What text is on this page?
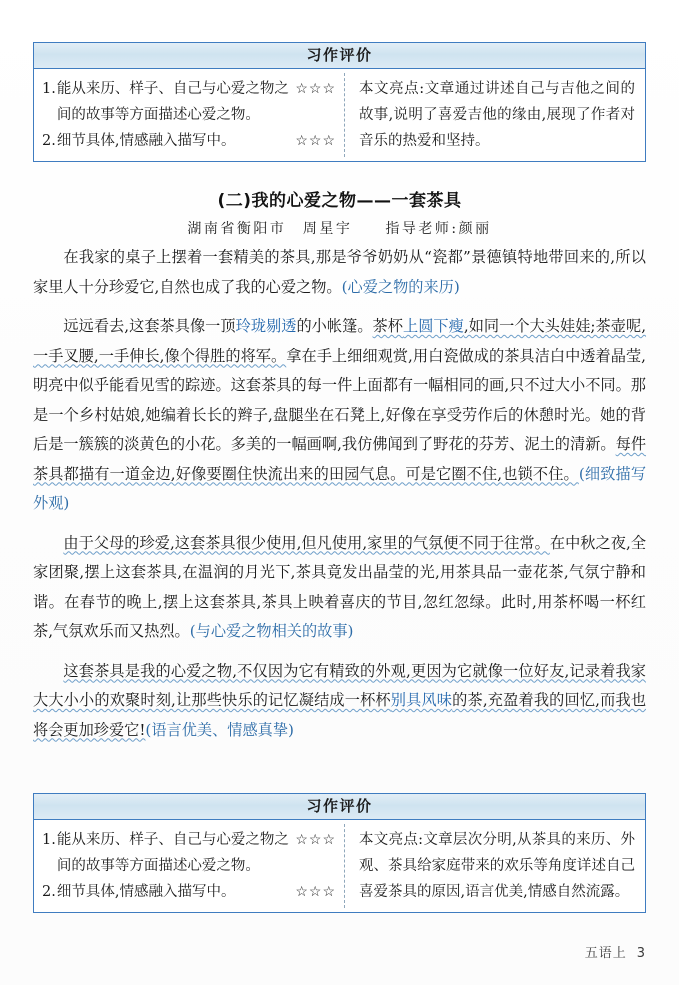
习作评价
1. 能从来历、样子、自己与心爱之物之间的故事等方面描述心爱之物。
☆☆☆
2. 细节具体,情感融入描写中。	☆☆☆

本文亮点:文章通过讲述自己与吉他之间的故事,说明了喜爱吉他的缘由,展现了作者对音乐的热爱和坚持。

(二)我的心爱之物——一套茶具
湖南省衡阳市　周星宇　　指导老师:颜丽

在我家的桌子上摆着一套精美的茶具,那是爷爷奶奶从“瓷都”景德镇特地带回来的,所以家里人十分珍爱它,自然也成了我的心爱之物。(心爱之物的来历)

远远看去,这套茶具像一顶玲珑剔透的小帐篷。茶杯上圆下瘦,如同一个大头娃娃;茶壶呢,一手叉腰,一手伸长,像个得胜的将军。拿在手上细细观赏,用白瓷做成的茶具洁白中透着晶莹,明亮中似乎能看见雪的踪迹。这套茶具的每一件上面都有一幅相同的画,只不过大小不同。那是一个乡村姑娘,她编着长长的辫子,盘腿坐在石凳上,好像在享受劳作后的休憩时光。她的背后是一簇簇的淡黄色的小花。多美的一幅画啊,我仿佛闻到了野花的芬芳、泥土的清新。每件茶具都描有一道金边,好像要圈住快流出来的田园气息。可是它圈不住,也锁不住。(细致描写外观)

由于父母的珍爱,这套茶具很少使用,但凡使用,家里的气氛便不同于往常。在中秋之夜,全家团聚,摆上这套茶具,在温润的月光下,茶具竟发出晶莹的光,用茶具品一壶花茶,气氛宁静和谐。在春节的晚上,摆上这套茶具,茶具上映着喜庆的节目,忽红忽绿。此时,用茶杯喝一杯红茶,气氛欢乐而又热烈。(与心爱之物相关的故事)

这套茶具是我的心爱之物,不仅因为它有精致的外观,更因为它就像一位好友,记录着我家大大小小的欢聚时刻,让那些快乐的记忆凝结成一杯杯别具风味的茶,充盈着我的回忆,而我也将会更加珍爱它!(语言优美、情感真挚)

习作评价
1. 能从来历、样子、自己与心爱之物之间的故事等方面描述心爱之物。
☆☆☆
2. 细节具体,情感融入描写中。	☆☆☆

本文亮点:文章层次分明,从茶具的来历、外观、茶具给家庭带来的欢乐等角度详述自己喜爱茶具的原因,语言优美,情感自然流露。

五语上 3
